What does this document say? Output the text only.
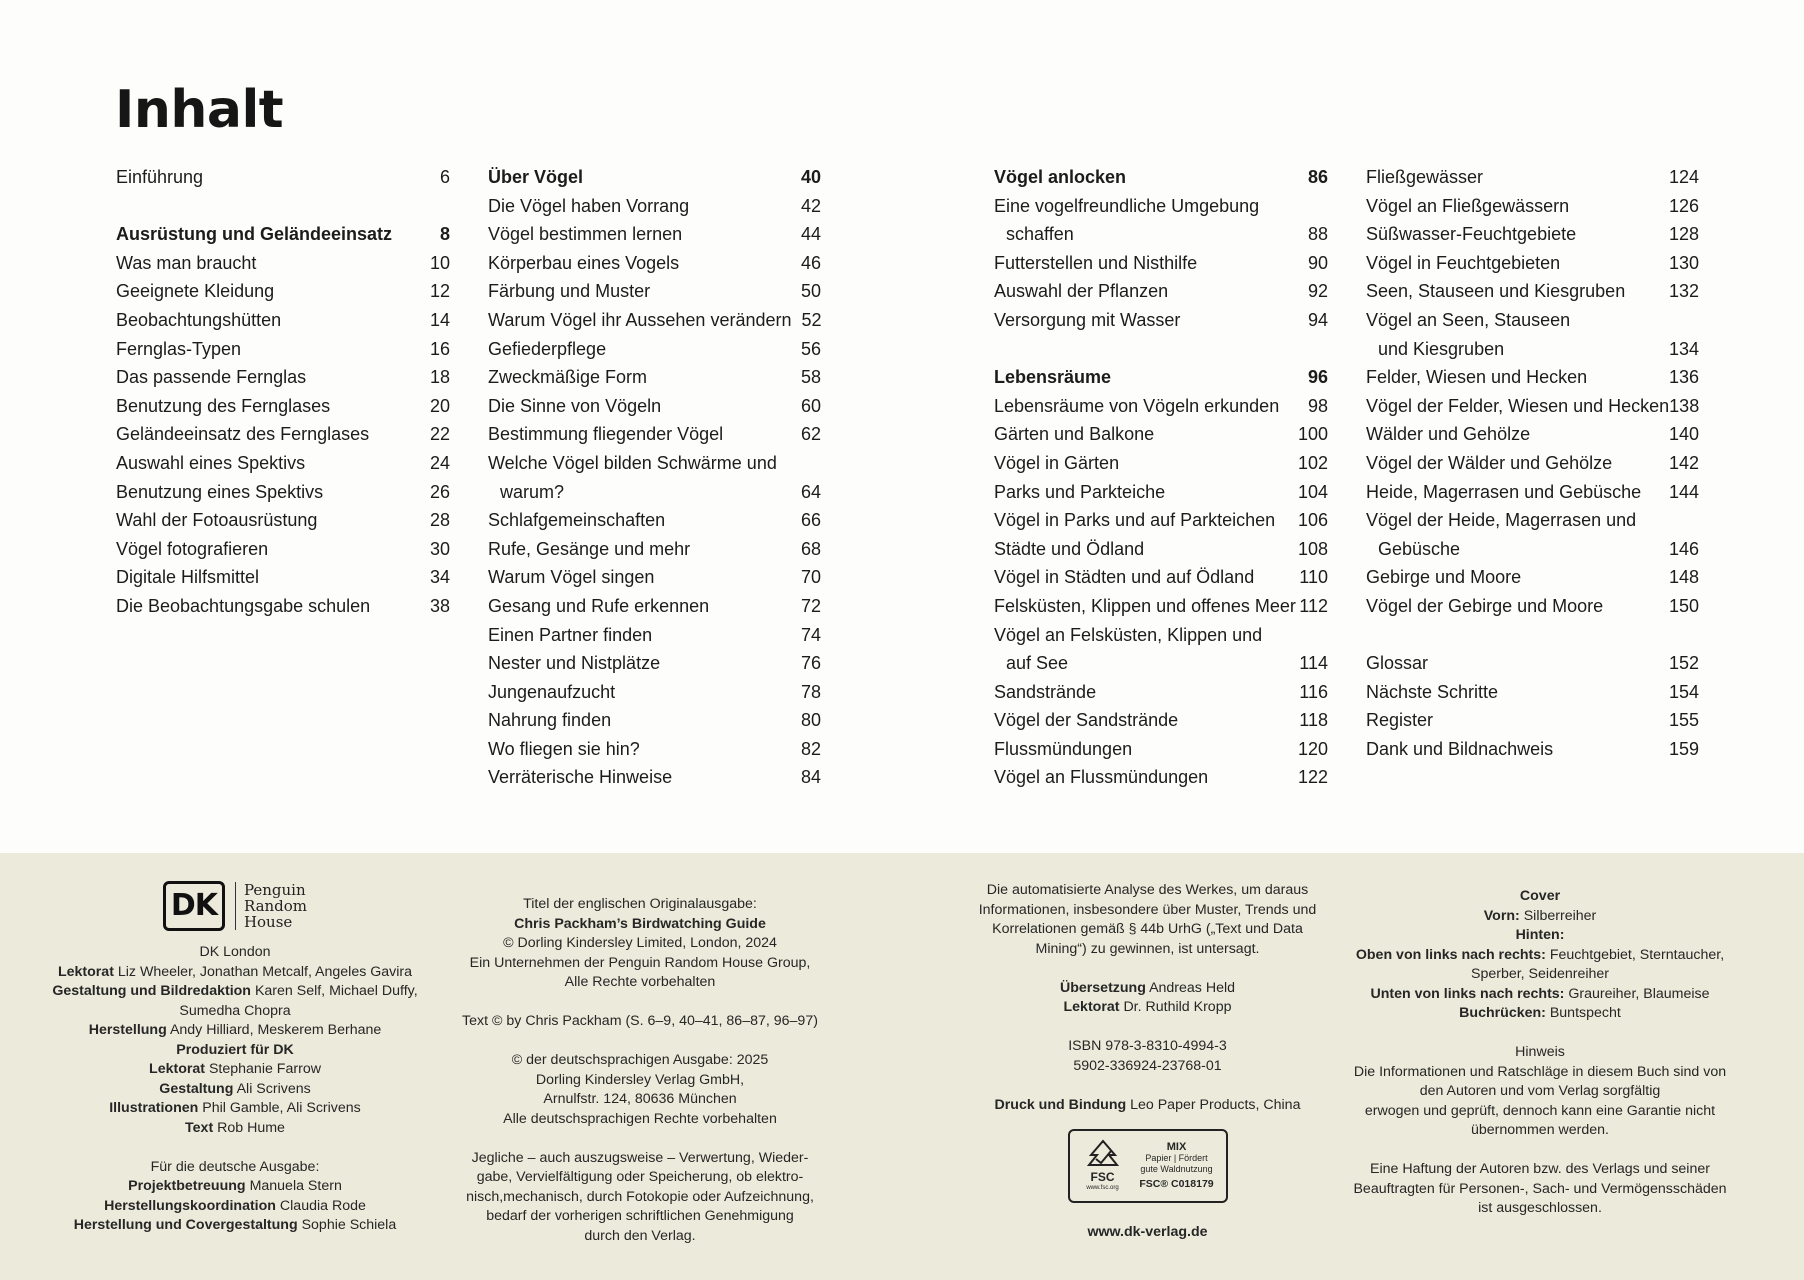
Inhalt
Einführung	6
Ausrüstung und Geländeeinsatz	8
Was man braucht	10
Geeignete Kleidung	12
Beobachtungshütten	14
Fernglas-Typen	16
Das passende Fernglas	18
Benutzung des Fernglases	20
Geländeeinsatz des Fernglases	22
Auswahl eines Spektivs	24
Benutzung eines Spektivs	26
Wahl der Fotoausrüstung	28
Vögel fotografieren	30
Digitale Hilfsmittel	34
Die Beobachtungsgabe schulen	38
Über Vögel	40
Die Vögel haben Vorrang	42
Vögel bestimmen lernen	44
Körperbau eines Vogels	46
Färbung und Muster	50
Warum Vögel ihr Aussehen verändern 52
Gefiederpflege	56
Zweckmäßige Form	58
Die Sinne von Vögeln	60
Bestimmung fliegender Vögel	62
Welche Vögel bilden Schwärme und
warum?	64
Schlafgemeinschaften	66
Rufe, Gesänge und mehr	68
Warum Vögel singen	70
Gesang und Rufe erkennen	72
Einen Partner finden	74
Nester und Nistplätze	76
Jungenaufzucht	78
Nahrung finden	80
Wo fliegen sie hin?	82
Verräterische Hinweise	84
Vögel anlocken	86
Eine vogelfreundliche Umgebung
schaffen	88
Futterstellen und Nisthilfe	90
Auswahl der Pflanzen	92
Versorgung mit Wasser	94
Lebensräume	96
Lebensräume von Vögeln erkunden	98
Gärten und Balkone	100
Vögel in Gärten	102
Parks und Parkteiche	104
Vögel in Parks und auf Parkteichen 106
Städte und Ödland	108
Vögel in Städten und auf Ödland	110
Felsküsten, Klippen und offenes Meer 112
Vögel an Felsküsten, Klippen und
auf See	114
Sandstrände	116
Vögel der Sandstrände	118
Flussmündungen	120
Vögel an Flussmündungen	122
Fließgewässer	124
Vögel an Fließgewässern	126
Süßwasser-Feuchtgebiete	128
Vögel in Feuchtgebieten	130
Seen, Stauseen und Kiesgruben 132
Vögel an Seen, Stauseen
und Kiesgruben	134
Felder, Wiesen und Hecken	136
Vögel der Felder, Wiesen und Hecken 138
Wälder und Gehölze	140
Vögel der Wälder und Gehölze	142
Heide, Magerrasen und Gebüsche 144
Vögel der Heide, Magerrasen und
Gebüsche	146
Gebirge und Moore	148
Vögel der Gebirge und Moore	150
Glossar	152
Nächste Schritte	154
Register	155
Dank und Bildnachweis	159
DK	Penguin
Random
House
DK London
Lektorat Liz Wheeler, Jonathan Metcalf, Angeles Gavira
Gestaltung und Bildredaktion Karen Self, Michael Duffy,
Sumedha Chopra
Herstellung Andy Hilliard, Meskerem Berhane
Produziert für DK
Lektorat Stephanie Farrow
Gestaltung Ali Scrivens
Illustrationen Phil Gamble, Ali Scrivens
Text Rob Hume
Für die deutsche Ausgabe:
Projektbetreuung Manuela Stern
Herstellungskoordination Claudia Rode
Herstellung und Covergestaltung Sophie Schiela
Titel der englischen Originalausgabe:
Chris Packham’s Birdwatching Guide
© Dorling Kindersley Limited, London, 2024
Ein Unternehmen der Penguin Random House Group,
Alle Rechte vorbehalten
Text © by Chris Packham (S. 6–9, 40–41, 86–87, 96–97)
© der deutschsprachigen Ausgabe: 2025
Dorling Kindersley Verlag GmbH,
Arnulfstr. 124, 80636 München
Alle deutschsprachigen Rechte vorbehalten
Jegliche – auch auszugsweise – Verwertung, Wieder-
gabe, Vervielfältigung oder Speicherung, ob elektro-
nisch,mechanisch, durch Fotokopie oder Aufzeichnung,
bedarf der vorherigen schriftlichen Genehmigung
durch den Verlag.
Die automatisierte Analyse des Werkes, um daraus
Informationen, insbesondere über Muster, Trends und
Korrelationen gemäß § 44b UrhG („Text und Data
Mining“) zu gewinnen, ist untersagt.
Übersetzung Andreas Held
Lektorat Dr. Ruthild Kropp
ISBN 978-3-8310-4994-3
5902-336924-23768-01
Druck und Bindung Leo Paper Products, China
FSC
www.fsc.org
MIX
Papier | Fördert
gute Waldnutzung
FSC® C018179
www.dk-verlag.de
Cover
Vorn: Silberreiher
Hinten:
Oben von links nach rechts: Feuchtgebiet, Sterntaucher,
Sperber, Seidenreiher
Unten von links nach rechts: Graureiher, Blaumeise
Buchrücken: Buntspecht
Hinweis
Die Informationen und Ratschläge in diesem Buch sind von
den Autoren und vom Verlag sorgfältig
erwogen und geprüft, dennoch kann eine Garantie nicht
übernommen werden.
Eine Haftung der Autoren bzw. des Verlags und seiner
Beauftragten für Personen-, Sach- und Vermögensschäden
ist ausgeschlossen.
